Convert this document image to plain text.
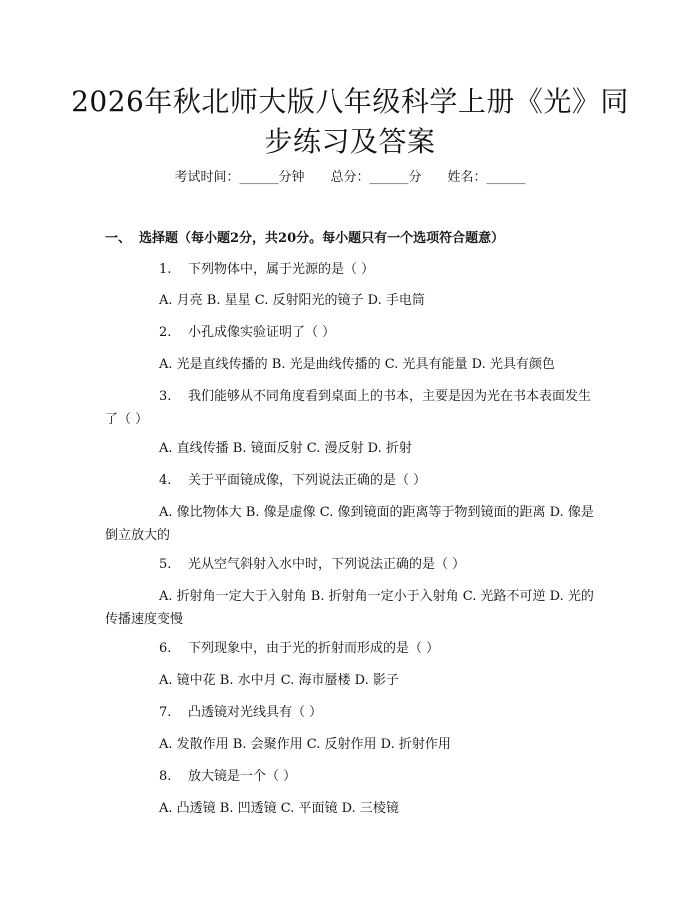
2026年秋北师大版八年级科学上册《光》同步练习及答案
考试时间：______分钟 总分：______分 姓名：______
一、 选择题（每小题2分，共20分。每小题只有一个选项符合题意）
1. 下列物体中，属于光源的是（ ）
A. 月亮 B. 星星 C. 反射阳光的镜子 D. 手电筒
2. 小孔成像实验证明了（ ）
A. 光是直线传播的 B. 光是曲线传播的 C. 光具有能量 D. 光具有颜色
3. 我们能够从不同角度看到桌面上的书本，主要是因为光在书本表面发生了（ ）
A. 直线传播 B. 镜面反射 C. 漫反射 D. 折射
4. 关于平面镜成像，下列说法正确的是（ ）
A. 像比物体大 B. 像是虚像 C. 像到镜面的距离等于物到镜面的距离 D. 像是倒立放大的
5. 光从空气斜射入水中时，下列说法正确的是（ ）
A. 折射角一定大于入射角 B. 折射角一定小于入射角 C. 光路不可逆 D. 光的传播速度变慢
6. 下列现象中，由于光的折射而形成的是（ ）
A. 镜中花 B. 水中月 C. 海市蜃楼 D. 影子
7. 凸透镜对光线具有（ ）
A. 发散作用 B. 会聚作用 C. 反射作用 D. 折射作用
8. 放大镜是一个（ ）
A. 凸透镜 B. 凹透镜 C. 平面镜 D. 三棱镜
